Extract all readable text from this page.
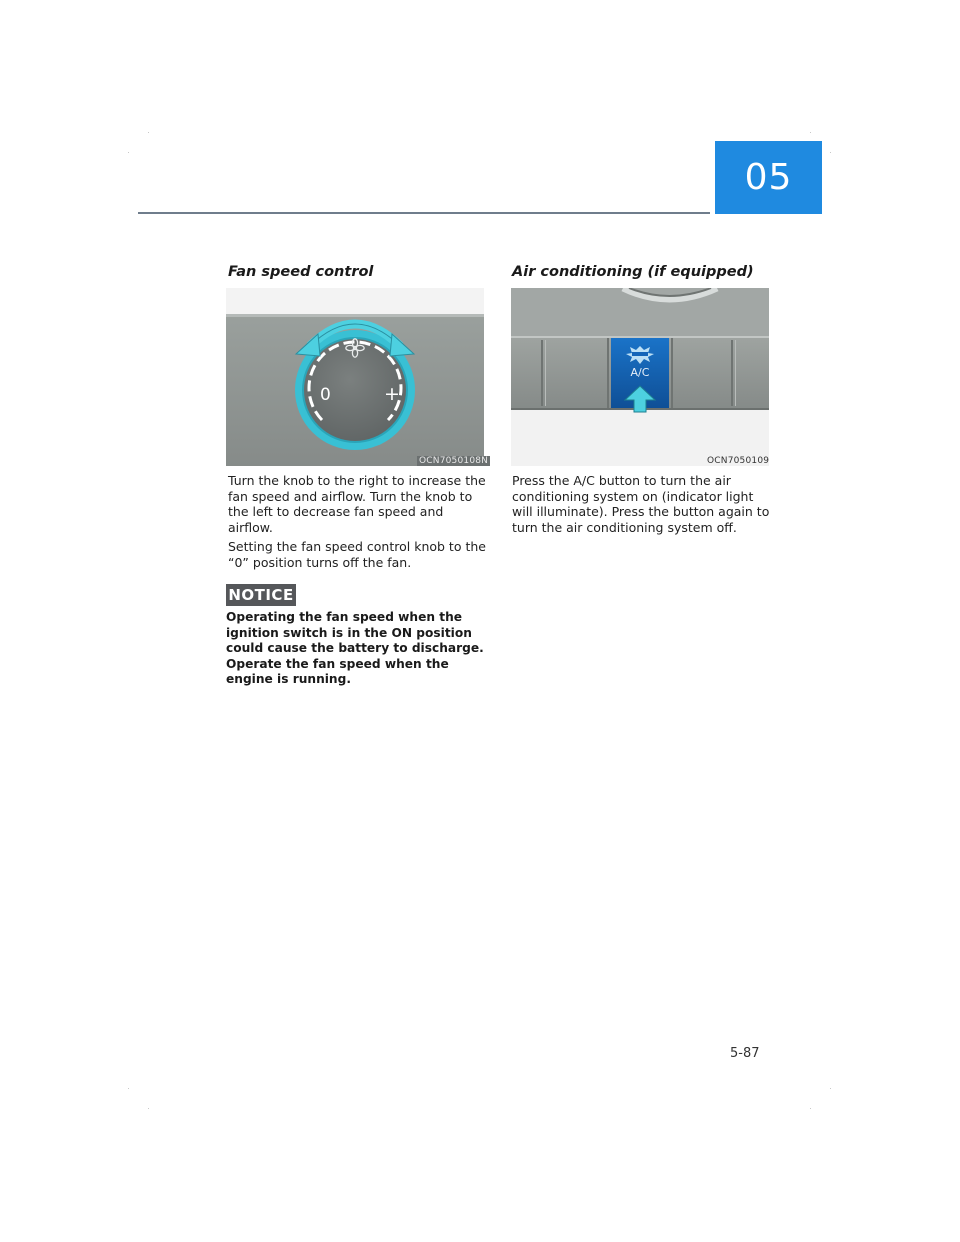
05
Fan speed control
0	+
OCN7050108N

Turn the knob to the right to increase the fan speed and airflow. Turn the knob to the left to decrease fan speed and airflow.

Setting the fan speed control knob to the “0” position turns off the fan.

NOTICE

Operating the fan speed when the ignition switch is in the ON position could cause the battery to discharge. Operate the fan speed when the engine is running.

Air conditioning (if equipped)
A/C
OCN7050109

Press the A/C button to turn the air conditioning system on (indicator light will illuminate). Press the button again to turn the air conditioning system off.

5-87
